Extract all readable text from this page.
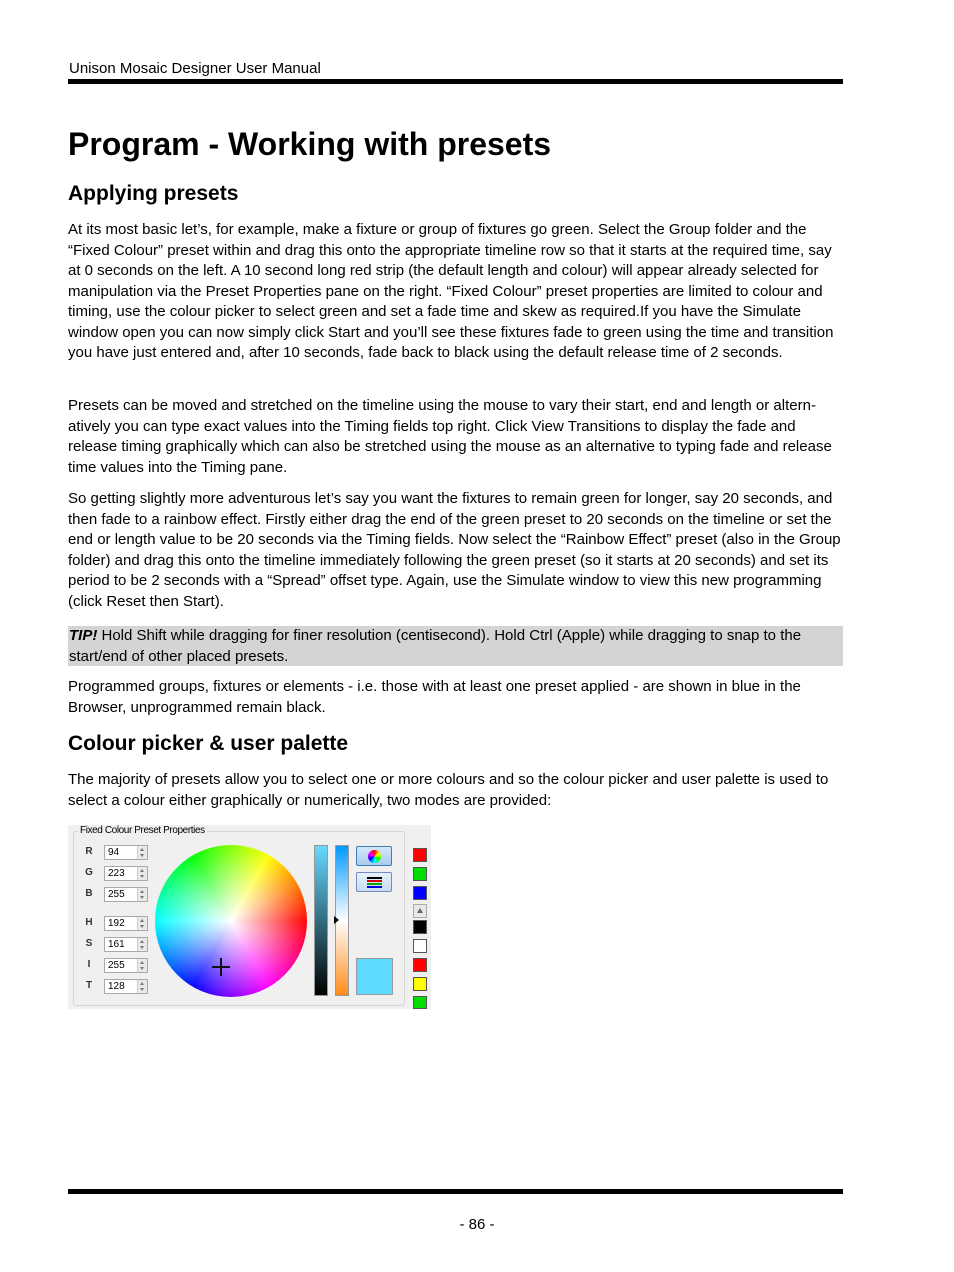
Unison Mosaic Designer User Manual
Program - Working with presets
Applying presets

At its most basic let’s, for example, make a fixture or group of fixtures go green. Select the Group folder and the “Fixed Colour” preset within and drag this onto the appropriate timeline row so that it starts at the required time, say at 0 seconds on the left. A 10 second long red strip (the default length and colour) will appear already selected for manipulation via the Preset Properties pane on the right. “Fixed Colour” preset properties are limited to colour and timing, use the colour picker to select green and set a fade time and skew as required.If you have the Simulate window open you can now simply click Start and you’ll see these fixtures fade to green using the time and transition you have just entered and, after 10 seconds, fade back to black using the default release time of 2 seconds.

Presets can be moved and stretched on the timeline using the mouse to vary their start, end and length or alternatively you can type exact values into the Timing fields top right. Click View Transitions to display the fade and release timing graphically which can also be stretched using the mouse as an alternative to typing fade and release time values into the Timing pane.

So getting slightly more adventurous let’s say you want the fixtures to remain green for longer, say 20 seconds, and then fade to a rainbow effect. Firstly either drag the end of the green preset to 20 seconds on the timeline or set the end or length value to be 20 seconds via the Timing fields. Now select the “Rainbow Effect” preset (also in the Group folder) and drag this onto the timeline immediately following the green preset (so it starts at 20 seconds) and set its period to be 2 seconds with a “Spread” offset type. Again, use the Simulate window to view this new programming (click Reset then Start).

TIP! Hold Shift while dragging for finer resolution (centisecond). Hold Ctrl (Apple) while dragging to snap to the start/end of other placed presets.

Programmed groups, fixtures or elements - i.e. those with at least one preset applied - are shown in blue in the Browser, unprogrammed remain black.

Colour picker & user palette

The majority of presets allow you to select one or more colours and so the colour picker and user palette is used to select a colour either graphically or numerically, two modes are provided:

Fixed Colour Preset Properties
R	94
G	223
B	255
H	192
S	161
I	255
T	128
- 86 -
